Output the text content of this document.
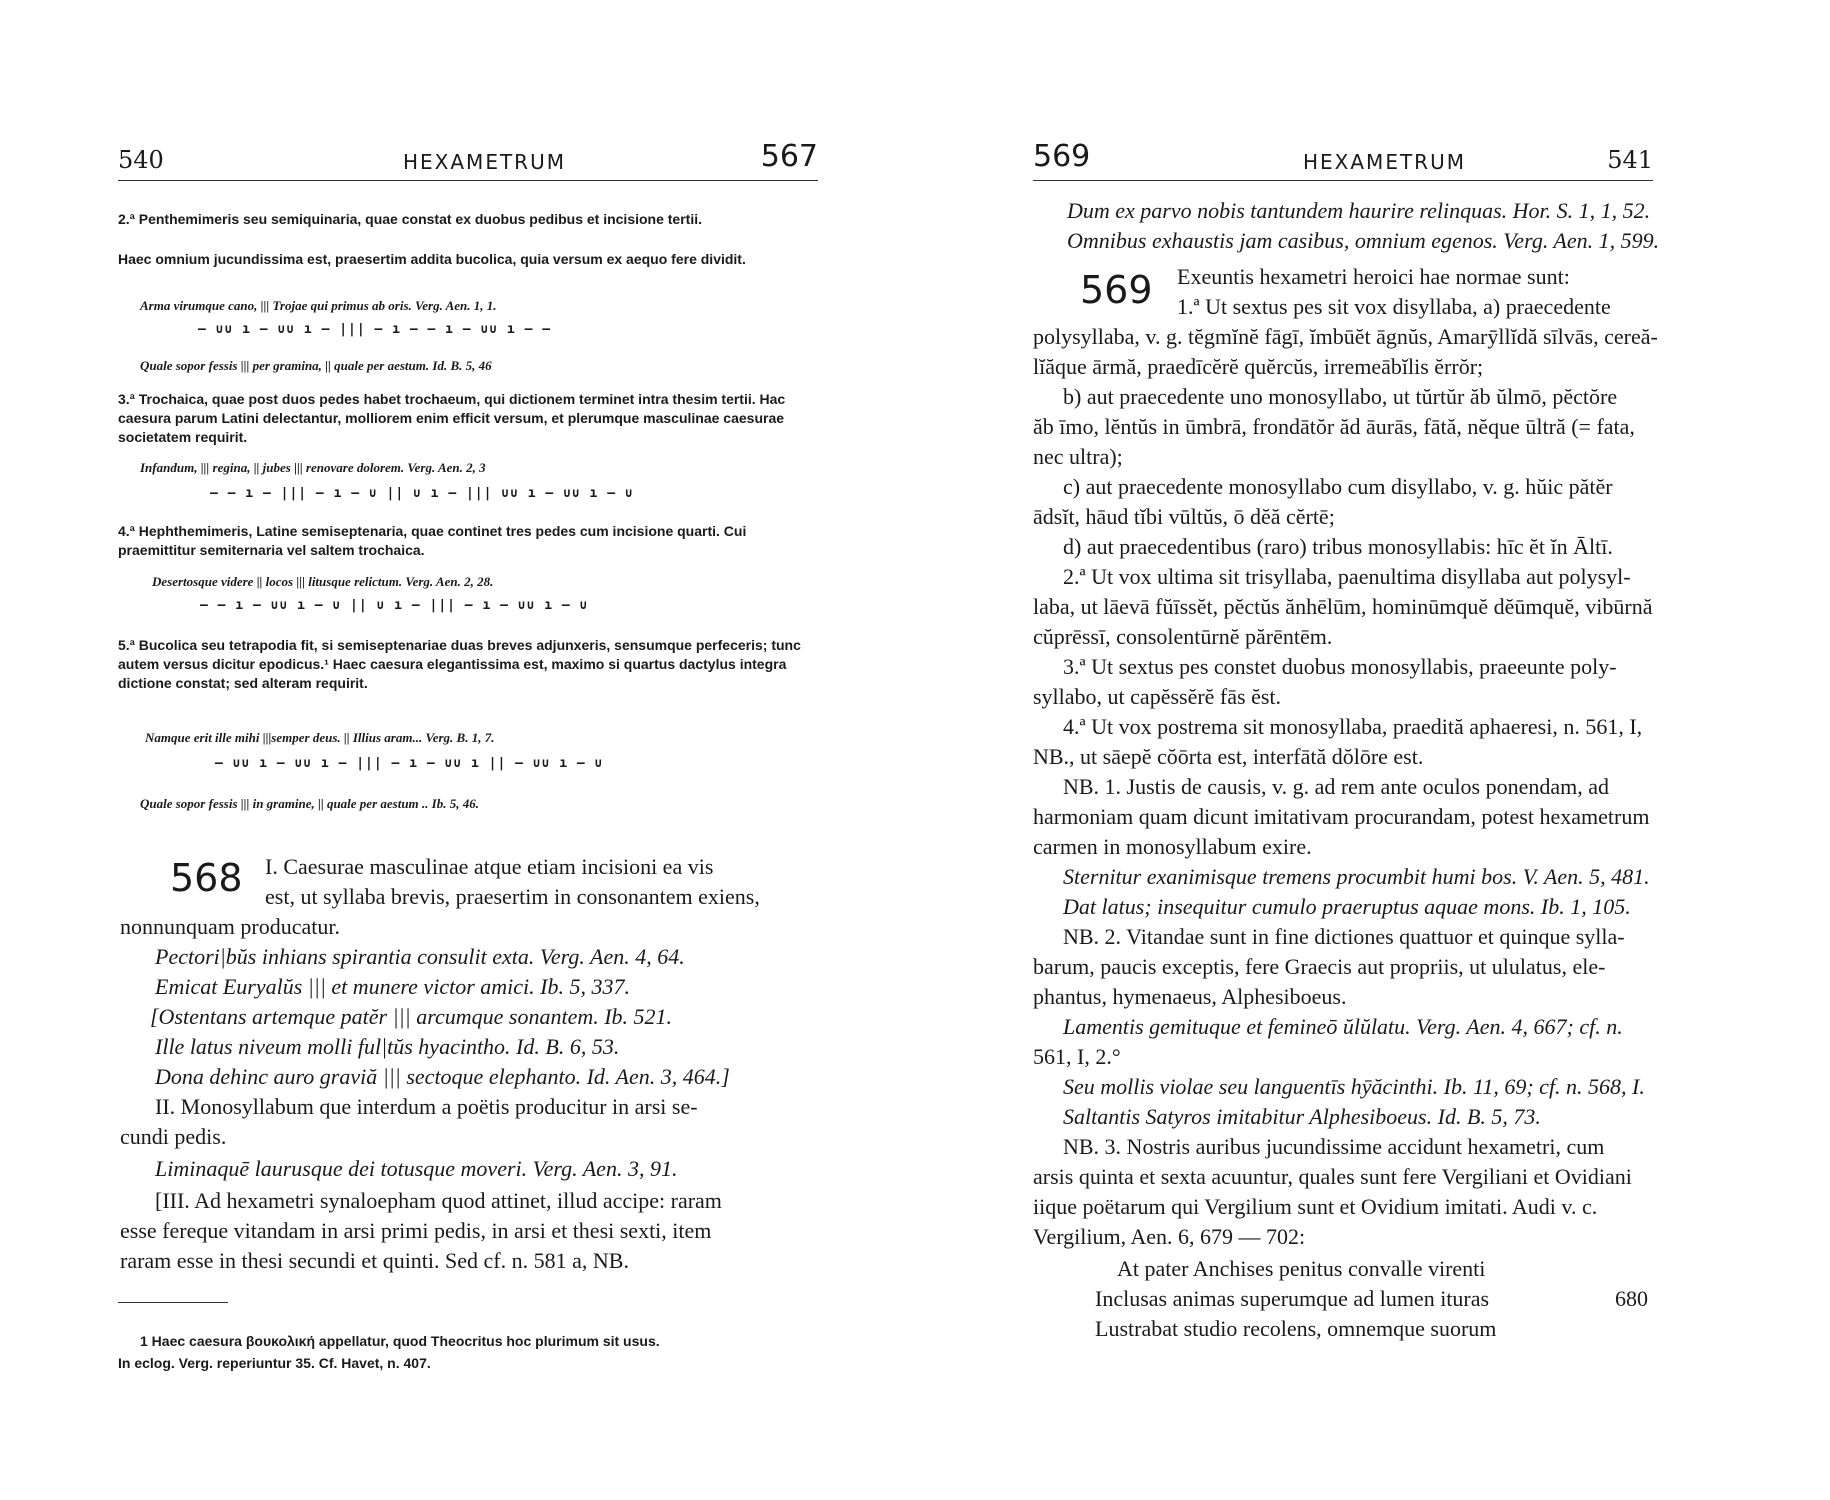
540	HEXAMETRUM	567
2.ª Penthemimeris seu semiquinaria, quae constat ex duobus pedibus et incisione tertii.
Haec omnium jucundissima est, praesertim addita bucolica, quia versum ex aequo fere dividit.
Arma virumque cano, ||| Trojae qui primus ab oris. Verg. Aen. 1, 1.
— ∪∪ ı — ∪∪ ı — ||| — ı — — ı — ∪∪ ı — —
Quale sopor fessis ||| per gramina, || quale per aestum. Id. B. 5, 46
3.ª Trochaica, quae post duos pedes habet trochaeum, qui dictionem terminet intra thesim tertii. Hac caesura parum Latini delectantur, molliorem enim efficit versum, et plerumque masculinae caesurae societatem requirit.
Infandum, ||| regina, || jubes ||| renovare dolorem. Verg. Aen. 2, 3
— — ı — ||| — ı — ∪ || ∪ ı — ||| ∪∪ ı — ∪∪ ı — ∪
4.ª Hephthemimeris, Latine semiseptenaria, quae continet tres pedes cum incisione quarti. Cui praemittitur semiternaria vel saltem trochaica.
Desertosque videre || locos ||| litusque relictum. Verg. Aen. 2, 28.
— — ı — ∪∪ ı — ∪ || ∪ ı — ||| — ı — ∪∪ ı — ∪
5.ª Bucolica seu tetrapodia fit, si semiseptenariae duas breves adjunxeris, sensumque perfeceris; tunc autem versus dicitur epodicus.¹ Haec caesura elegantissima est, maximo si quartus dactylus integra dictione constat; sed alteram requirit.
Namque erit ille mihi |||semper deus. || Illius aram... Verg. B. 1, 7.
— ∪∪ ı — ∪∪ ı — ||| — ı — ∪∪ ı || — ∪∪ ı — ∪
Quale sopor fessis ||| in gramine, || quale per aestum .. Ib. 5, 46.
568 I. Caesurae masculinae atque etiam incisioni ea vis
est, ut syllaba brevis, praesertim in consonantem exiens,
nonnunquam producatur.
Pectori|bŭs inhians spirantia consulit exta. Verg. Aen. 4, 64.
Emicat Euryalŭs ||| et munere victor amici. Ib. 5, 337.
[Ostentans artemque patĕr ||| arcumque sonantem. Ib. 521.
Ille latus niveum molli ful|tŭs hyacintho. Id. B. 6, 53.
Dona dehinc auro graviă ||| sectoque elephanto. Id. Aen. 3, 464.]
II. Monosyllabum que interdum a poëtis producitur in arsi se-
cundi pedis.
Liminaquē laurusque dei totusque moveri. Verg. Aen. 3, 91.
[III. Ad hexametri synaloepham quod attinet, illud accipe: raram
esse fereque vitandam in arsi primi pedis, in arsi et thesi sexti, item
raram esse in thesi secundi et quinti. Sed cf. n. 581 a, NB.
1 Haec caesura βουκολική appellatur, quod Theocritus hoc plurimum sit usus.
In eclog. Verg. reperiuntur 35. Cf. Havet, n. 407.
569	HEXAMETRUM	541
Dum ex parvo nobis tantundem haurire relinquas. Hor. S. 1, 1, 52.
Omnibus exhaustis jam casibus, omnium egenos. Verg. Aen. 1, 599.
569 Exeuntis hexametri heroici hae normae sunt:
1.ª Ut sextus pes sit vox disyllaba, a) praecedente
polysyllaba, v. g. tĕgmĭnĕ fāgī, ĭmbūĕt āgnŭs, Amarȳllĭdă sīlvās, cereă-
lĭăque ārmă, praedīcĕrĕ quĕrcŭs, irremeābĭlis ĕrrŏr;
b) aut praecedente uno monosyllabo, ut tŭrtŭr ăb ŭlmō, pĕctŏre
ăb īmo, lĕntŭs in ūmbrā, frondātŏr ăd āurās, fātă, nĕque ūltră (= fata,
nec ultra);
c) aut praecedente monosyllabo cum disyllabo, v. g. hŭic pătĕr
ādsĭt, hāud tĭbi vūltŭs, ō dĕă cĕrtē;
d) aut praecedentibus (raro) tribus monosyllabis: hīc ĕt ĭn Āltī.
2.ª Ut vox ultima sit trisyllaba, paenultima disyllaba aut polysyl-
laba, ut lāevā fŭīssĕt, pĕctŭs ănhēlūm, hominūmquĕ dĕūmquĕ, vibūrnă
cŭprēssī, consolentūrnĕ părēntēm.
3.ª Ut sextus pes constet duobus monosyllabis, praeeunte poly-
syllabo, ut capĕssĕrĕ fās ĕst.
4.ª Ut vox postrema sit monosyllaba, praedită aphaeresi, n. 561, I,
NB., ut sāepĕ cŏōrta est, interfātă dŏlōre est.
NB. 1. Justis de causis, v. g. ad rem ante oculos ponendam, ad
harmoniam quam dicunt imitativam procurandam, potest hexametrum
carmen in monosyllabum exire.
Sternitur exanimisque tremens procumbit humi bos. V. Aen. 5, 481.
Dat latus; insequitur cumulo praeruptus aquae mons. Ib. 1, 105.
NB. 2. Vitandae sunt in fine dictiones quattuor et quinque sylla-
barum, paucis exceptis, fere Graecis aut propriis, ut ululatus, ele-
phantus, hymenaeus, Alphesiboeus.
Lamentis gemituque et feminеō ŭlŭlatu. Verg. Aen. 4, 667; cf. n.
561, I, 2.°
Seu mollis violae seu languentīs hȳăcinthi. Ib. 11, 69; cf. n. 568, I.
Saltantis Satyros imitabitur Alphesiboeus. Id. B. 5, 73.
NB. 3. Nostris auribus jucundissime accidunt hexametri, cum
arsis quinta et sexta acuuntur, quales sunt fere Vergiliani et Ovidiani
iique poëtarum qui Vergilium sunt et Ovidium imitati. Audi v. c.
Vergilium, Aen. 6, 679 — 702:
At pater Anchises penitus convalle virenti
Inclusas animas superumque ad lumen ituras	680
Lustrabat studio recolens, omnemque suorum
